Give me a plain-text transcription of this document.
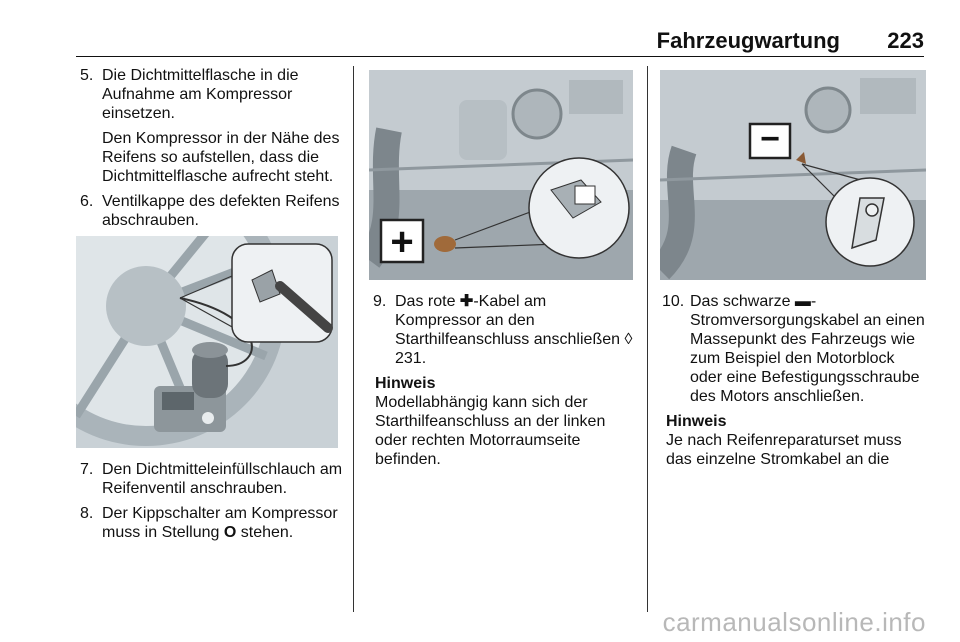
Fahrzeugwartung 223
5. Die Dichtmittelflasche in die Aufnahme am Kompressor einsetzen.

Den Kompressor in der Nähe des Reifens so aufstellen, dass die Dichtmittelflasche aufrecht steht.

6. Ventilkappe des defekten Reifens abschrauben.

7. Den Dichtmitteleinfüllschlauch am Reifenventil anschrauben.

8. Der Kippschalter am Kompressor muss in Stellung O stehen.

+
9. Das rote ✚-Kabel am Kompressor an den Starthilfeanschluss anschließen ◊ 231.

Hinweis
Modellabhängig kann sich der Starthilfeanschluss an der linken oder rechten Motorraumseite befinden.
−
10. Das schwarze ▬-Stromversorgungskabel an einen Massepunkt des Fahrzeugs wie zum Beispiel den Motorblock oder eine Befestigungsschraube des Motors anschließen.

Hinweis
Je nach Reifenreparaturset muss das einzelne Stromkabel an die
carmanualsonline.info
